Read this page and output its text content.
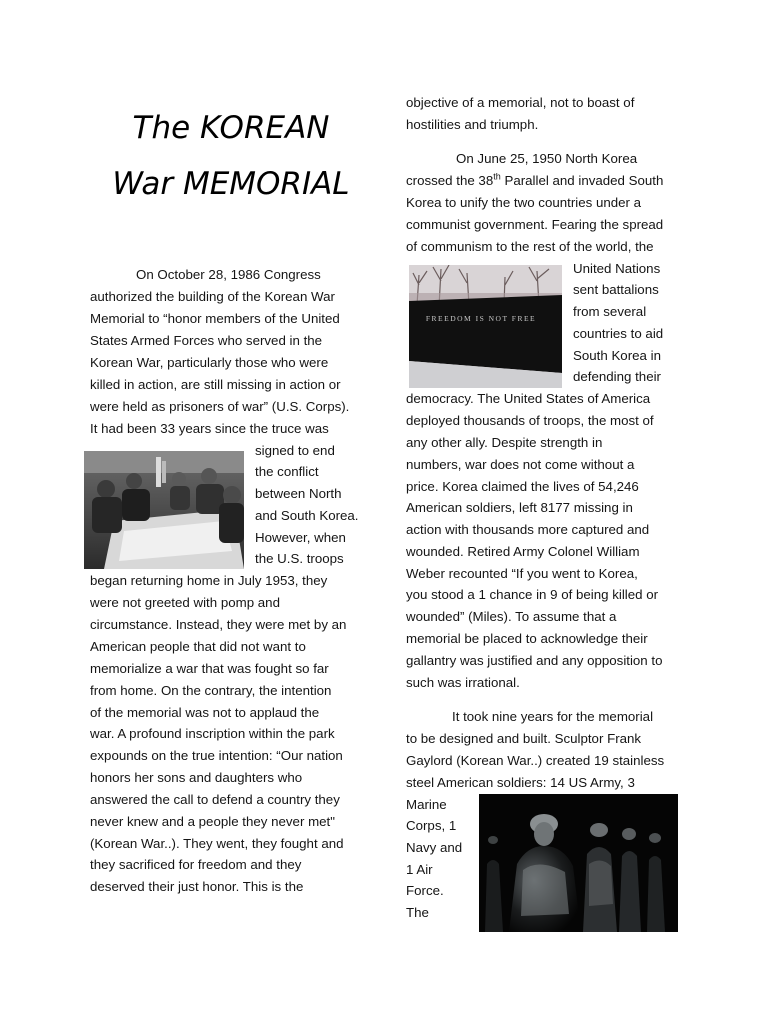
The KOREAN
War MEMORIAL
On October 28, 1986 Congress
authorized the building of the Korean War
Memorial to “honor members of the United
States Armed Forces who served in the
Korean War, particularly those who were
killed in action, are still missing in action or
were held as prisoners of war” (U.S. Corps).
It had been 33 years since the truce was
signed to end
the conflict
between North
and South Korea.
However, when
the U.S. troops
began returning home in July 1953, they
were not greeted with pomp and
circumstance. Instead, they were met by an
American people that did not want to
memorialize a war that was fought so far
from home. On the contrary, the intention
of the memorial was not to applaud the
war. A profound inscription within the park
expounds on the true intention: “Our nation
honors her sons and daughters who
answered the call to defend a country they
never knew and a people they never met"
(Korean War..). They went, they fought and
they sacrificed for freedom and they
deserved their just honor. This is the
FREEDOM IS NOT FREE
objective of a memorial, not to boast of
hostilities and triumph.
On June 25, 1950 North Korea
crossed the 38th Parallel and invaded South
Korea to unify the two countries under a
communist government. Fearing the spread
of communism to the rest of the world, the
United Nations
sent battalions
from several
countries to aid
South Korea in
defending their
democracy. The United States of America
deployed thousands of troops, the most of
any other ally. Despite strength in
numbers, war does not come without a
price. Korea claimed the lives of 54,246
American soldiers, left 8177 missing in
action with thousands more captured and
wounded. Retired Army Colonel William
Weber recounted “If you went to Korea,
you stood a 1 chance in 9 of being killed or
wounded” (Miles). To assume that a
memorial be placed to acknowledge their
gallantry was justified and any opposition to
such was irrational.
It took nine years for the memorial
to be designed and built. Sculptor Frank
Gaylord (Korean War..) created 19 stainless
steel American soldiers: 14 US Army, 3
Marine
Corps, 1
Navy and
1 Air
Force.
The
